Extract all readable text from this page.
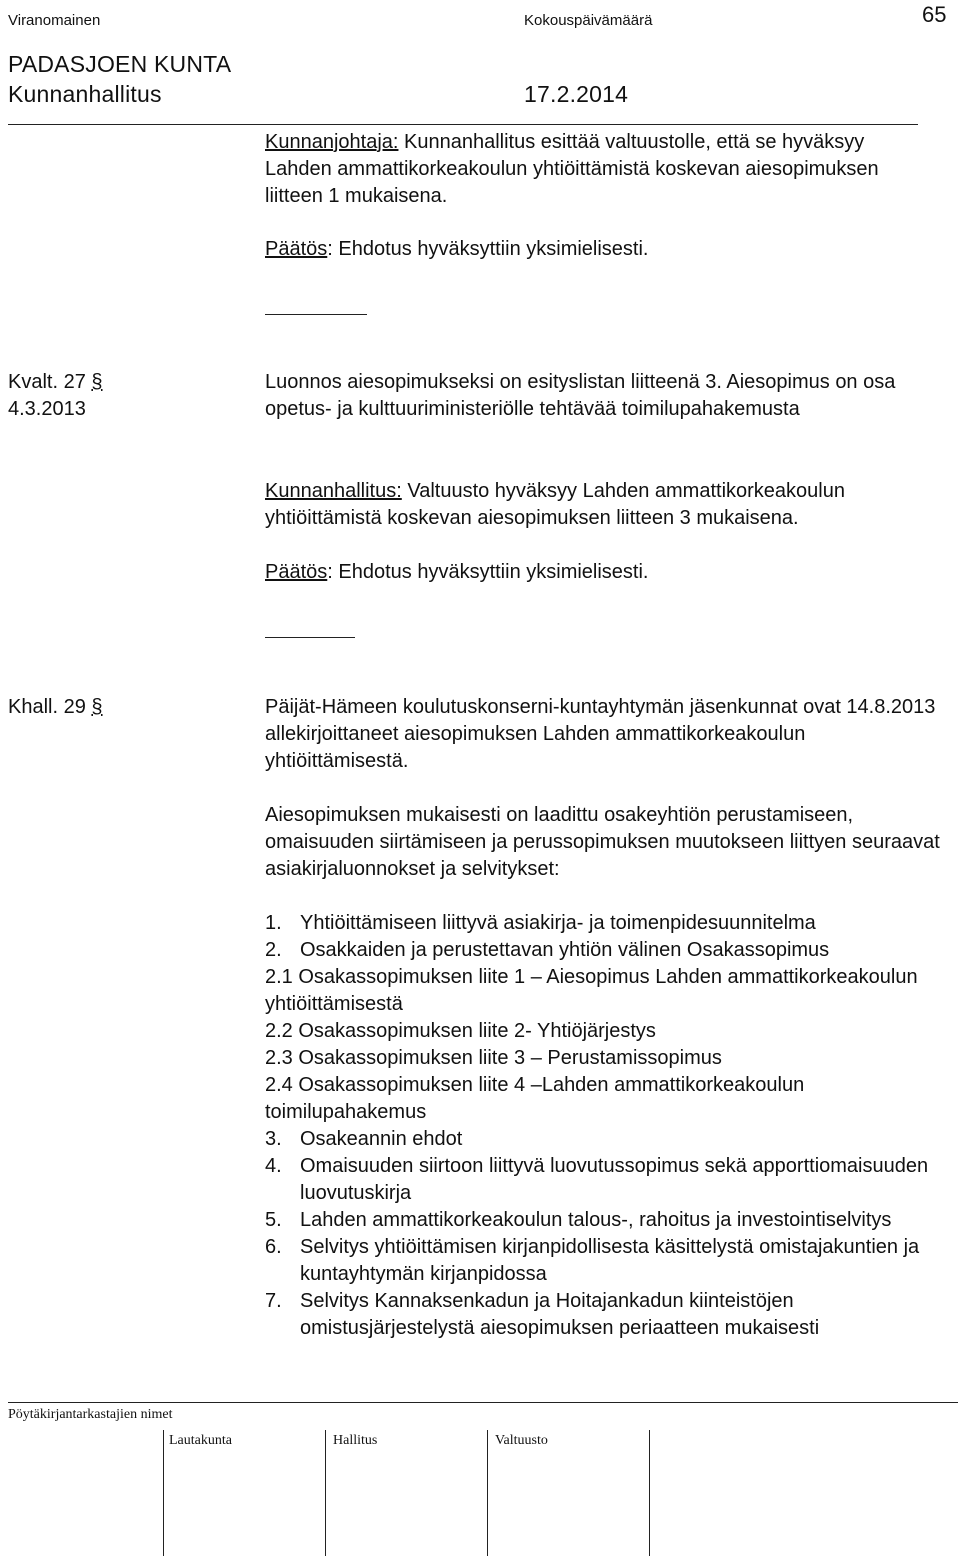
Viranomainen	Kokouspäivämäärä	65
PADASJOEN KUNTA
Kunnanhallitus	17.2.2014

Kunnanjohtaja: Kunnanhallitus esittää valtuustolle, että se hyväksyy Lahden ammattikorkeakoulun yhtiöittämistä koskevan aiesopimuksen liitteen 1 mukaisena.

Päätös: Ehdotus hyväksyttiin yksimielisesti.

Kvalt. 27 §
4.3.2013

Luonnos aiesopimukseksi on esityslistan liitteenä 3. Aiesopimus on osa opetus- ja kulttuuriministeriölle tehtävää toimilupahakemusta

Kunnanhallitus: Valtuusto hyväksyy Lahden ammattikorkeakoulun yhtiöittämistä koskevan aiesopimuksen liitteen 3 mukaisena.

Päätös: Ehdotus hyväksyttiin yksimielisesti.

Khall. 29 §	Päijät-Hämeen koulutuskonserni-kuntayhtymän jäsenkunnat ovat 14.8.2013 allekirjoittaneet aiesopimuksen Lahden ammattikorkeakoulun yhtiöittämisestä.

Aiesopimuksen mukaisesti on laadittu osakeyhtiön perustamiseen, omaisuuden siirtämiseen ja perussopimuksen muutokseen liittyen seuraavat asiakirjaluonnokset ja selvitykset:

1. Yhtiöittämiseen liittyvä asiakirja- ja toimenpidesuunnitelma
2. Osakkaiden ja perustettavan yhtiön välinen Osakassopimus
2.1 Osakassopimuksen liite 1 – Aiesopimus Lahden ammattikorkeakoulun yhtiöittämisestä
2.2 Osakassopimuksen liite 2- Yhtiöjärjestys
2.3 Osakassopimuksen liite 3 – Perustamissopimus
2.4 Osakassopimuksen liite 4 –Lahden ammattikorkeakoulun toimilupahakemus
3. Osakeannin ehdot
4. Omaisuuden siirtoon liittyvä luovutussopimus sekä apporttiomaisuuden luovutuskirja
5. Lahden ammattikorkeakoulun talous-, rahoitus ja investointiselvitys
6. Selvitys yhtiöittämisen kirjanpidollisesta käsittelystä omistajakuntien ja kuntayhtymän kirjanpidossa
7. Selvitys Kannaksenkadun ja Hoitajankadun kiinteistöjen omistusjärjestelystä aiesopimuksen periaatteen mukaisesti
Pöytäkirjantarkastajien nimet
Lautakunta	Hallitus	Valtuusto
